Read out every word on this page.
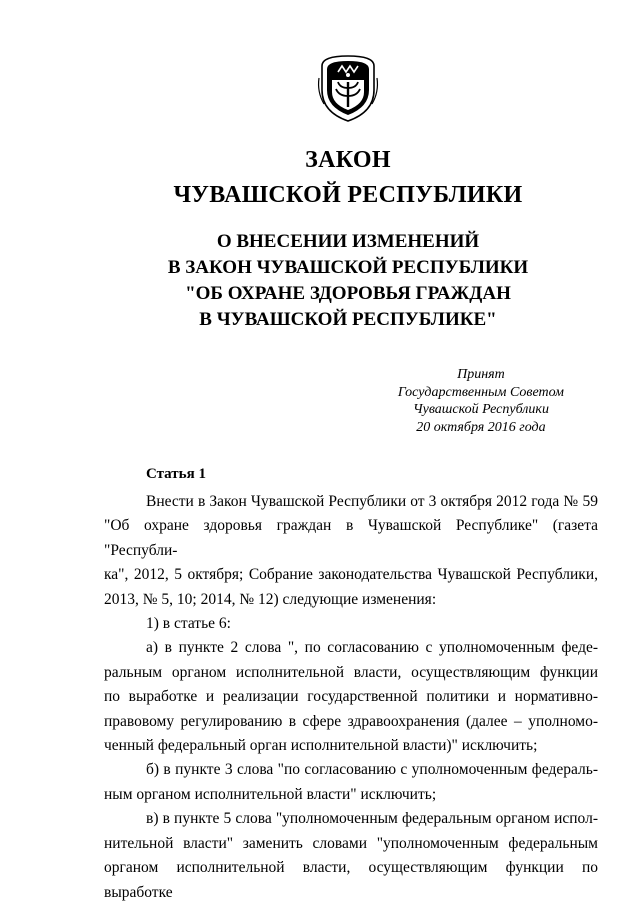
ЗАКОН
ЧУВАШСКОЙ РЕСПУБЛИКИ
О ВНЕСЕНИИ ИЗМЕНЕНИЙ
В ЗАКОН ЧУВАШСКОЙ РЕСПУБЛИКИ
"ОБ ОХРАНЕ ЗДОРОВЬЯ ГРАЖДАН
В ЧУВАШСКОЙ РЕСПУБЛИКЕ"
Принят
Государственным Советом
Чувашской Республики
20 октября 2016 года
Статья 1

Внести в Закон Чувашской Республики от 3 октября 2012 года № 59
"Об охране здоровья граждан в Чувашской Республике" (газета "Республи-
ка", 2012, 5 октября; Собрание законодательства Чувашской Республики,
2013, № 5, 10; 2014, № 12) следующие изменения:

1) в статье 6:

а) в пункте 2 слова ", по согласованию с уполномоченным феде-
ральным органом исполнительной власти, осуществляющим функции
по выработке и реализации государственной политики и нормативно-
правовому регулированию в сфере здравоохранения (далее – уполномо-
ченный федеральный орган исполнительной власти)" исключить;

б) в пункте 3 слова "по согласованию с уполномоченным федераль-
ным органом исполнительной власти" исключить;

в) в пункте 5 слова "уполномоченным федеральным органом испол-
нительной власти" заменить словами "уполномоченным федеральным
органом исполнительной власти, осуществляющим функции по выработке
